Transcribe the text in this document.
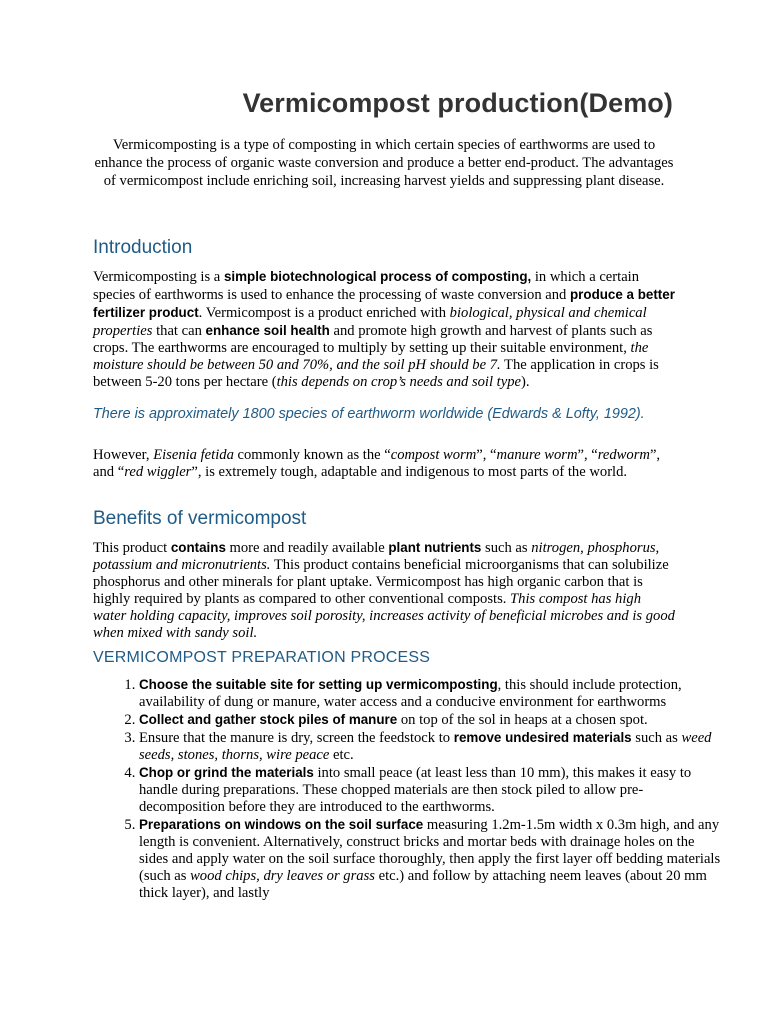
Vermicompost production(Demo)

Vermicomposting is a type of composting in which certain species of earthworms are used to enhance the process of organic waste conversion and produce a better end-product. The advantages of vermicompost include enriching soil, increasing harvest yields and suppressing plant disease.

Introduction

Vermicomposting is a simple biotechnological process of composting, in which a certain species of earthworms is used to enhance the processing of waste conversion and produce a better fertilizer product. Vermicompost is a product enriched with biological, physical and chemical properties that can enhance soil health and promote high growth and harvest of plants such as crops. The earthworms are encouraged to multiply by setting up their suitable environment, the moisture should be between 50 and 70%, and the soil pH should be 7. The application in crops is between 5-20 tons per hectare (this depends on crop’s needs and soil type).

There is approximately 1800 species of earthworm worldwide (Edwards & Lofty, 1992).

However, Eisenia fetida commonly known as the “compost worm”, “manure worm”, “redworm”, and “red wiggler”, is extremely tough, adaptable and indigenous to most parts of the world.

Benefits of vermicompost

This product contains more and readily available plant nutrients such as nitrogen, phosphorus, potassium and micronutrients. This product contains beneficial microorganisms that can solubilize phosphorus and other minerals for plant uptake. Vermicompost has high organic carbon that is highly required by plants as compared to other conventional composts. This compost has high water holding capacity, improves soil porosity, increases activity of beneficial microbes and is good when mixed with sandy soil.

VERMICOMPOST PREPARATION PROCESS
1. Choose the suitable site for setting up vermicomposting, this should include protection, availability of dung or manure, water access and a conducive environment for earthworms
2. Collect and gather stock piles of manure on top of the sol in heaps at a chosen spot.
3. Ensure that the manure is dry, screen the feedstock to remove undesired materials such as weed seeds, stones, thorns, wire peace etc.
4. Chop or grind the materials into small peace (at least less than 10 mm), this makes it easy to handle during preparations. These chopped materials are then stock piled to allow pre-decomposition before they are introduced to the earthworms.
5. Preparations on windows on the soil surface measuring 1.2m-1.5m width x 0.3m high, and any length is convenient. Alternatively, construct bricks and mortar beds with drainage holes on the sides and apply water on the soil surface thoroughly, then apply the first layer off bedding materials (such as wood chips, dry leaves or grass etc.) and follow by attaching neem leaves (about 20 mm thick layer), and lastly
